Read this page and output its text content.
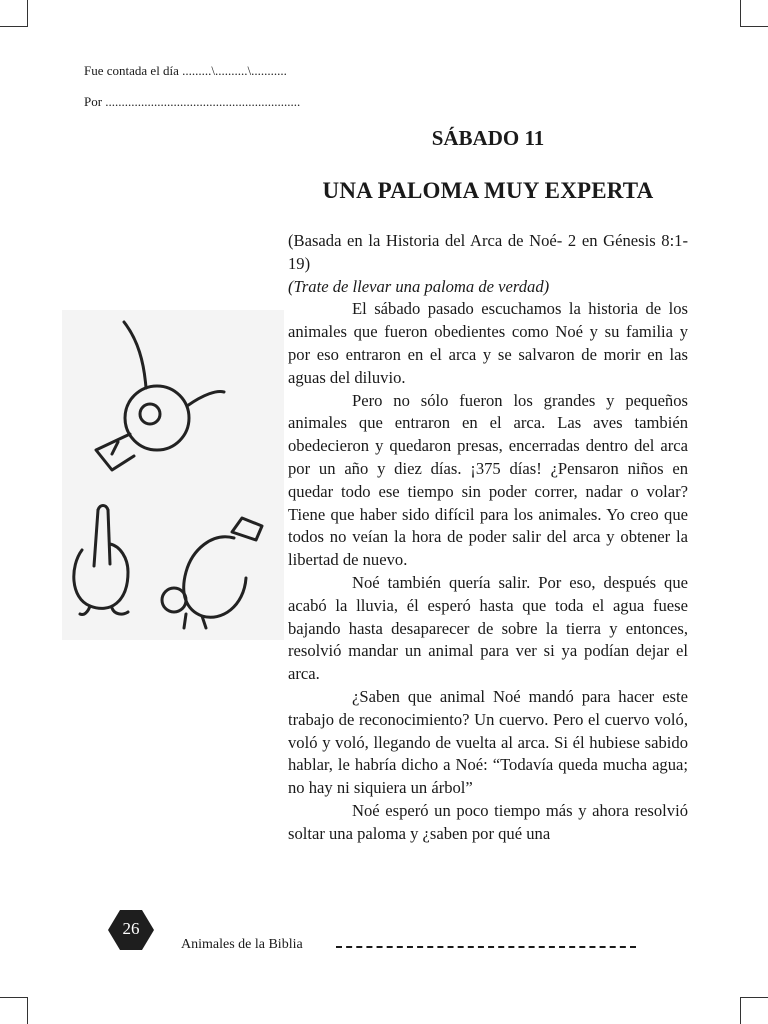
Fue contada el día .........\..........\...........
Por ............................................................
SÁBADO 11
UNA PALOMA MUY EXPERTA

(Basada en la Historia del Arca de Noé- 2 en Génesis 8:1-19)

(Trate de llevar una paloma de verdad)

El sábado pasado escuchamos la historia de los animales que fueron obedientes como Noé y su familia y por eso entraron en el arca y se salvaron de morir en las aguas del diluvio.

Pero no sólo fueron los grandes y pequeños animales que entraron en el arca. Las aves también obedecieron y quedaron presas, encerradas dentro del arca por un año y diez días. ¡375 días! ¿Pensaron niños en quedar todo ese tiempo sin poder correr, nadar o volar? Tiene que haber sido difícil para los animales. Yo creo que todos no veían la hora de poder salir del arca y obtener la libertad de nuevo.

Noé también quería salir. Por eso, después que acabó la lluvia, él esperó hasta que toda el agua fuese bajando hasta desaparecer de sobre la tierra y entonces, resolvió mandar un animal para ver si ya podían dejar el arca.

¿Saben que animal Noé mandó para hacer este trabajo de reconocimiento? Un cuervo. Pero el cuervo voló, voló y voló, llegando de vuelta al arca. Si él hubiese sabido hablar, le habría dicho a Noé: “Todavía queda mucha agua; no hay ni siquiera un árbol”

Noé esperó un poco tiempo más y ahora resolvió soltar una paloma y ¿saben por qué una

26
Animales de la Biblia
